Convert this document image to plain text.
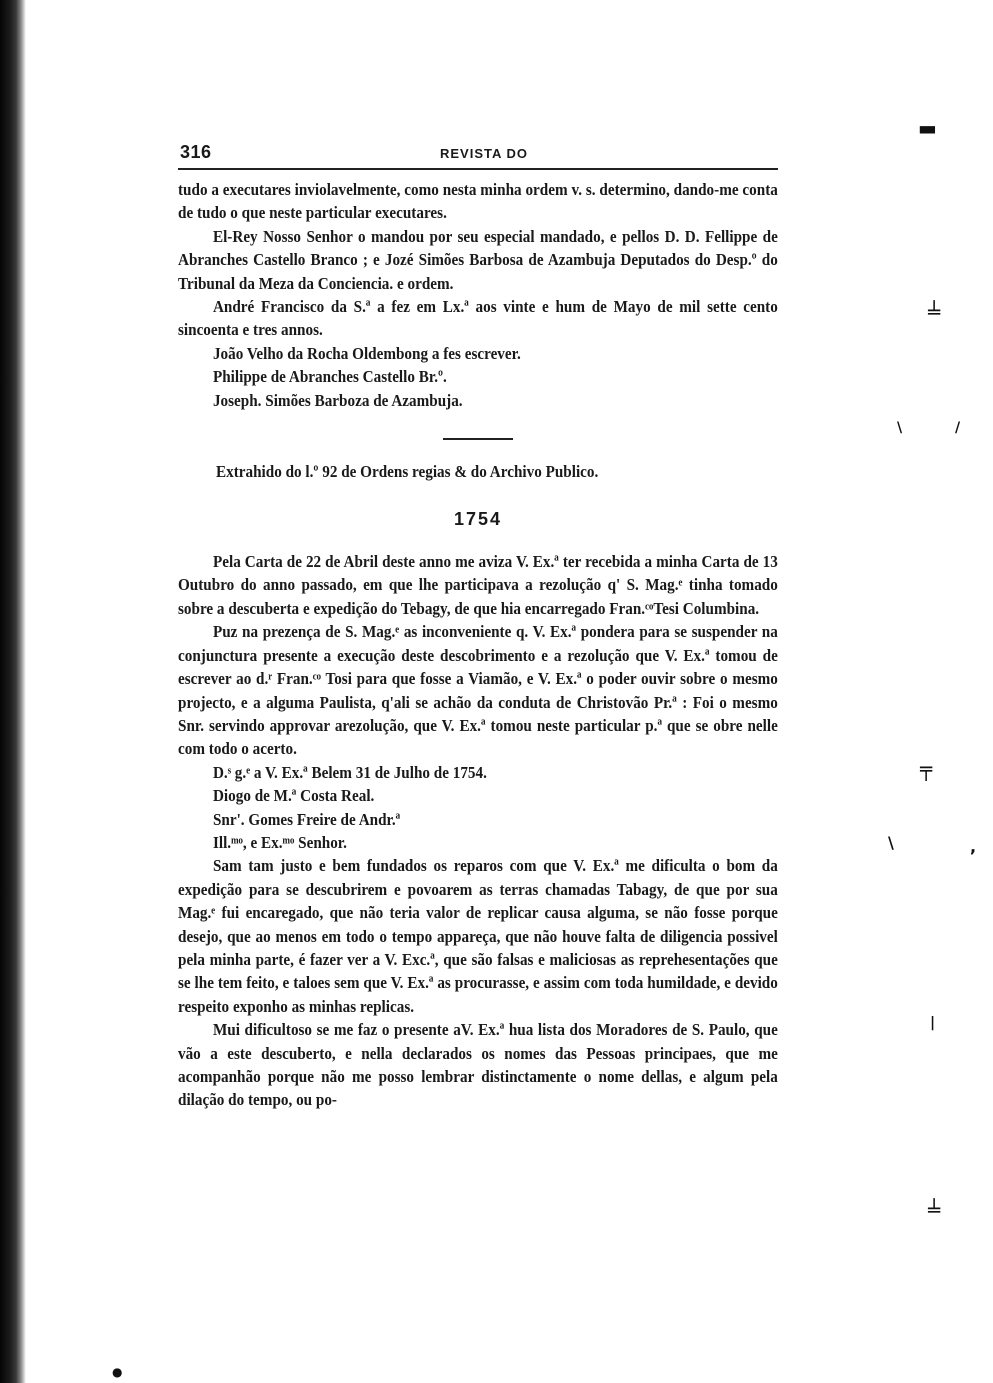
▬
╧
\	/
╤
\	,
|
╧
●
316	REVISTA DO

tudo a executares inviolavelmente, como nesta minha ordem v. s. determino, dando-me conta de tudo o que neste particular executares.

El-Rey Nosso Senhor o mandou por seu especial mandado, e pellos D. D. Fellippe de Abranches Castello Branco ; e Jozé Simões Barbosa de Azambuja Deputados do Desp.º do Tribunal da Meza da Conciencia. e ordem.

André Francisco da S.ª a fez em Lx.ª aos vinte e hum de Mayo de mil sette cento sincoenta e tres annos.

João Velho da Rocha Oldembong a fes escrever.

Philippe de Abranches Castello Br.º.

Joseph. Simões Barboza de Azambuja.

Extrahido do l.º 92 de Ordens regias & do Archivo Publico.

1754

Pela Carta de 22 de Abril deste anno me aviza V. Ex.ª ter recebida a minha Carta de 13 Outubro do anno passado, em que lhe participava a rezolução q' S. Mag.ᵉ tinha tomado sobre a descuberta e expedição do Tebagy, de que hia encarregado Fran.ᶜᵒTesi Columbina.

Puz na prezença de S. Mag.ᵉ as inconveniente q. V. Ex.ª pondera para se suspender na conjunctura presente a execução deste descobrimento e a rezolução que V. Ex.ª tomou de escrever ao d.ʳ Fran.ᶜᵒ Tosi para que fosse a Viamão, e V. Ex.ª o poder ouvir sobre o mesmo projecto, e a alguma Paulista, q'ali se achão da conduta de Christovão Pr.ª : Foi o mesmo Snr. servindo approvar arezolução, que V. Ex.ª tomou neste particular p.ª que se obre nelle com todo o acerto.

D.ˢ g.ᵉ a V. Ex.ª Belem 31 de Julho de 1754.

Diogo de M.ª Costa Real.

Snr'. Gomes Freire de Andr.ª

Ill.ᵐᵒ, e Ex.ᵐᵒ Senhor.

Sam tam justo e bem fundados os reparos com que V. Ex.ª me dificulta o bom da expedição para se descubrirem e povoarem as terras chamadas Tabagy, de que por sua Mag.ᵉ fui encaregado, que não teria valor de replicar causa alguma, se não fosse porque desejo, que ao menos em todo o tempo appareça, que não houve falta de diligencia possivel pela minha parte, é fazer ver a V. Exc.ª, que são falsas e maliciosas as reprehesentações que se lhe tem feito, e taloes sem que V. Ex.ª as procurasse, e assim com toda humildade, e devido respeito exponho as minhas replicas.

Mui dificultoso se me faz o presente aV. Ex.ª hua lista dos Moradores de S. Paulo, que vão a este descuberto, e nella declarados os nomes das Pessoas principaes, que me acompanhão porque não me posso lembrar distinctamente o nome dellas, e algum pela dilação do tempo, ou po-
